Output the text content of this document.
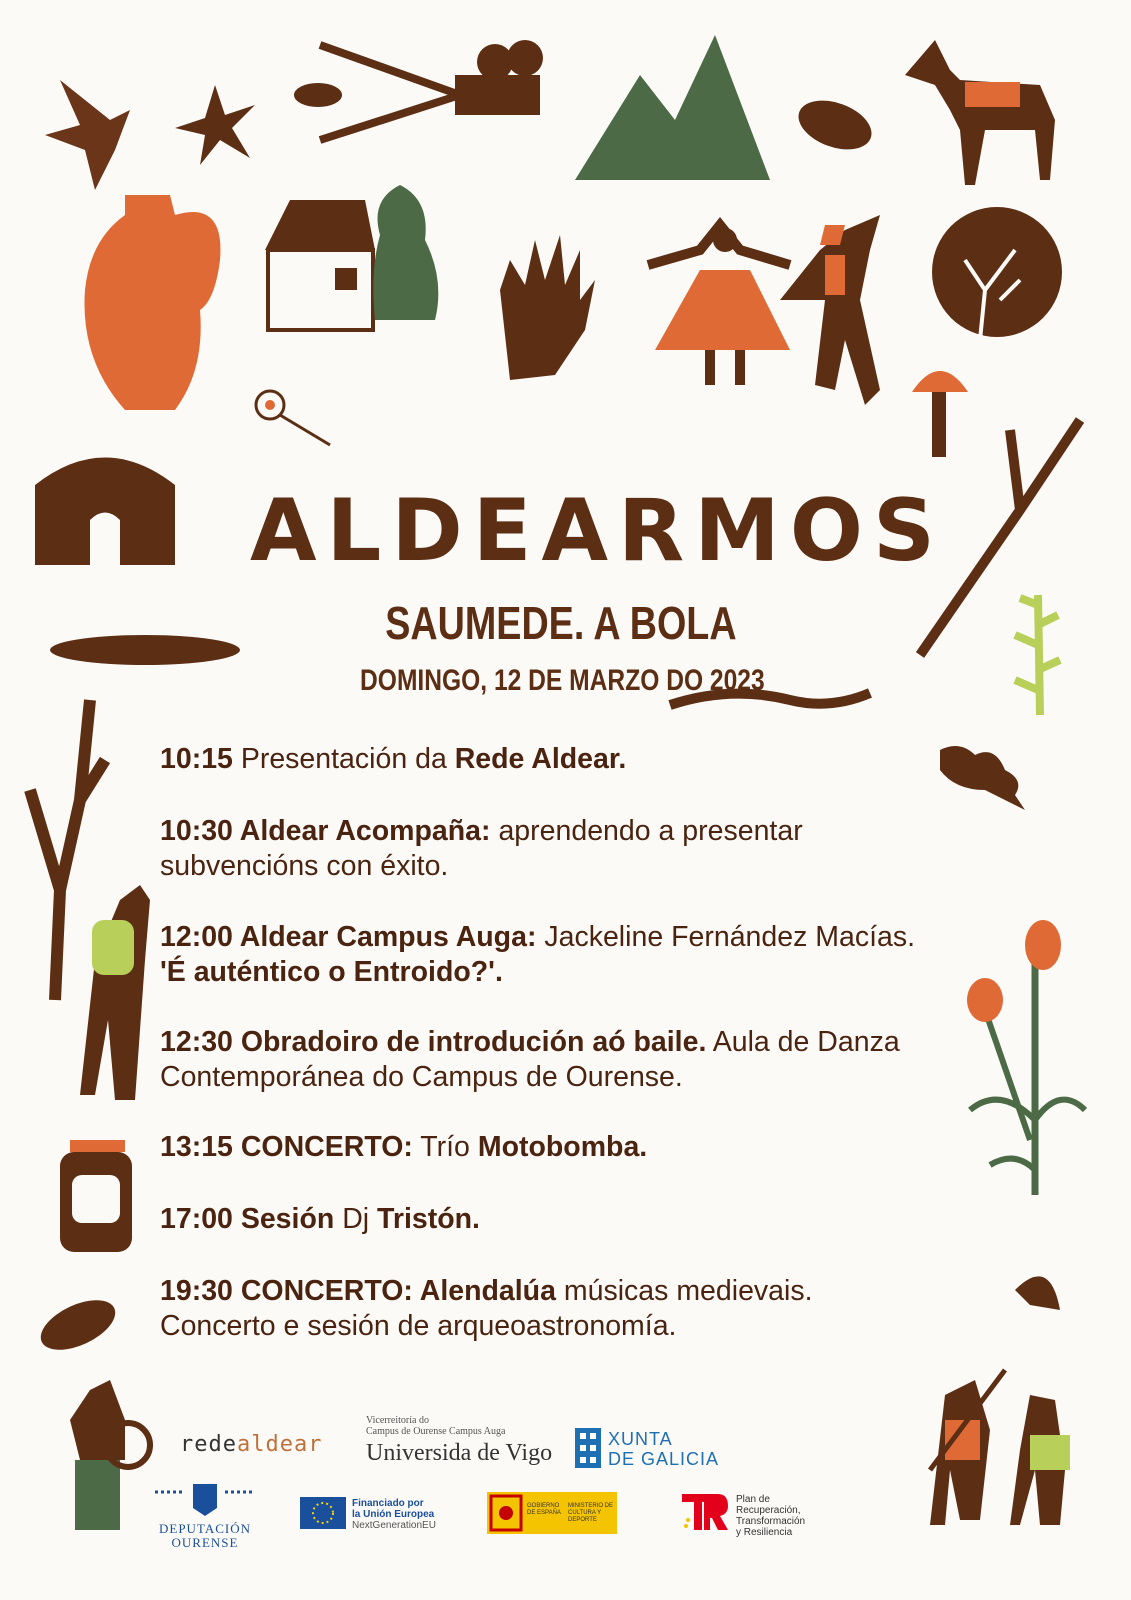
ALDEARMOS
SAUMEDE. A BOLA
DOMINGO, 12 DE MARZO DO 2023

10:15 Presentación da Rede Aldear.

10:30 Aldear Acompaña: aprendendo a presentar subvencións con éxito.

12:00 Aldear Campus Auga: Jackeline Fernández Macías. 'É auténtico o Entroido?'.

12:30 Obradoiro de introdución aó baile. Aula de Danza Contemporánea do Campus de Ourense.

13:15 CONCERTO: Trío Motobomba.

17:00 Sesión Dj Tristón.

19:30 CONCERTO: Alendalúa músicas medievais. Concerto e sesión de arqueoastronomía.

redealdear
Vicerreitoría do
Campus de Ourense Campus Auga
Universida de Vigo
XUNTA
DE GALICIA
DEPUTACIÓN
OURENSE
Financiado por
la Unión Europea
NextGenerationEU
GOBIERNO DE ESPAÑA
MINISTERIO DE CULTURA Y DEPORTE
Plan de
Recuperación,
Transformación
y Resiliencia
